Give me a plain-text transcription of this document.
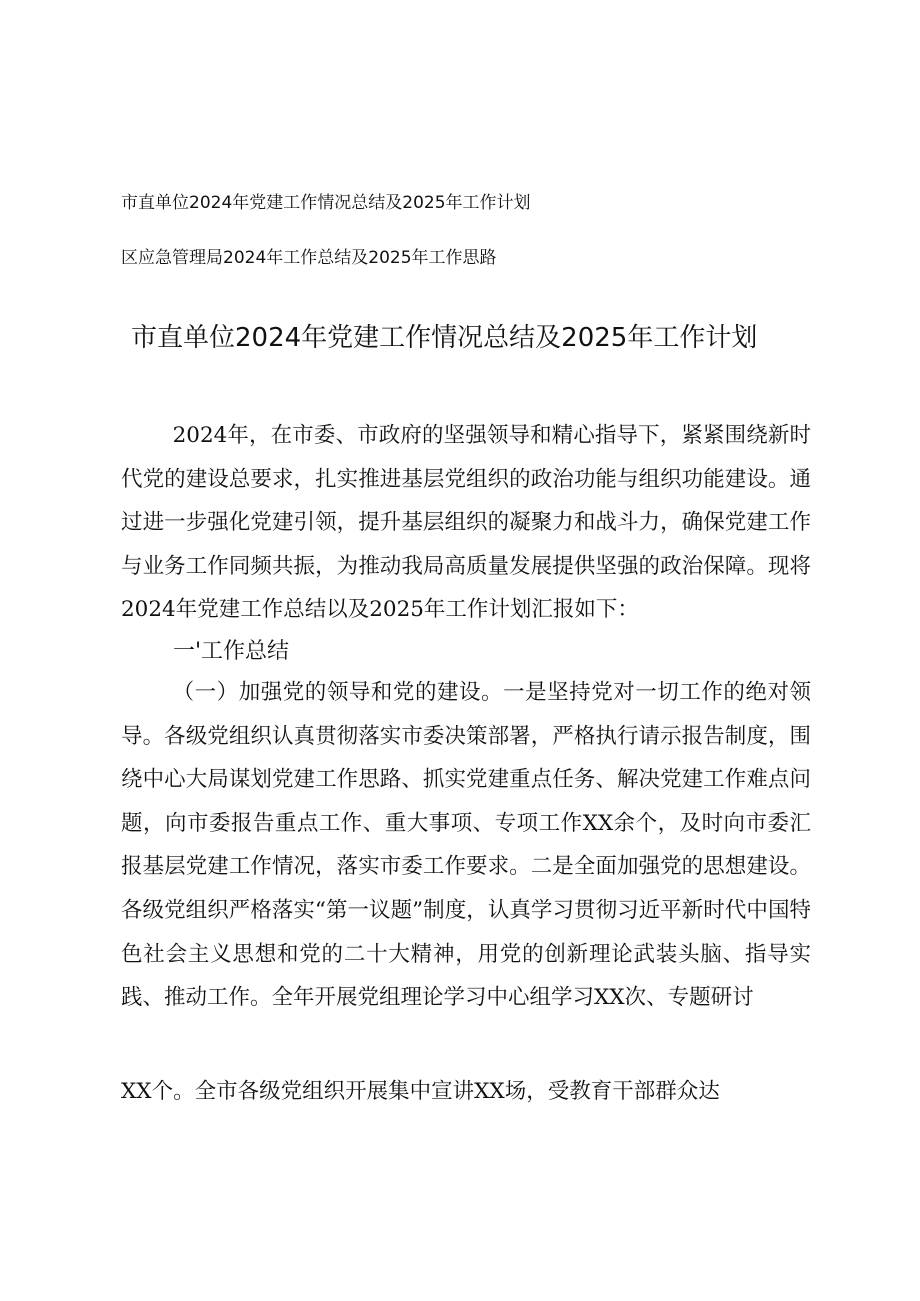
市直单位2024年党建工作情况总结及2025年工作计划
区应急管理局2024年工作总结及2025年工作思路
市直单位2024年党建工作情况总结及2025年工作计划

2024年，在市委、市政府的坚强领导和精心指导下，紧紧围绕新时代党的建设总要求，扎实推进基层党组织的政治功能与组织功能建设。通过进一步强化党建引领，提升基层组织的凝聚力和战斗力，确保党建工作与业务工作同频共振，为推动我局高质量发展提供坚强的政治保障。现将2024年党建工作总结以及2025年工作计划汇报如下：

一'工作总结

（一）加强党的领导和党的建设。一是坚持党对一切工作的绝对领导。各级党组织认真贯彻落实市委决策部署，严格执行请示报告制度，围绕中心大局谋划党建工作思路、抓实党建重点任务、解决党建工作难点问题，向市委报告重点工作、重大事项、专项工作XX余个，及时向市委汇报基层党建工作情况，落实市委工作要求。二是全面加强党的思想建设。各级党组织严格落实“第一议题”制度，认真学习贯彻习近平新时代中国特色社会主义思想和党的二十大精神，用党的创新理论武装头脑、指导实践、推动工作。全年开展党组理论学习中心组学习XX次、专题研讨

XX个。全市各级党组织开展集中宣讲XX场，受教育干部群众达
